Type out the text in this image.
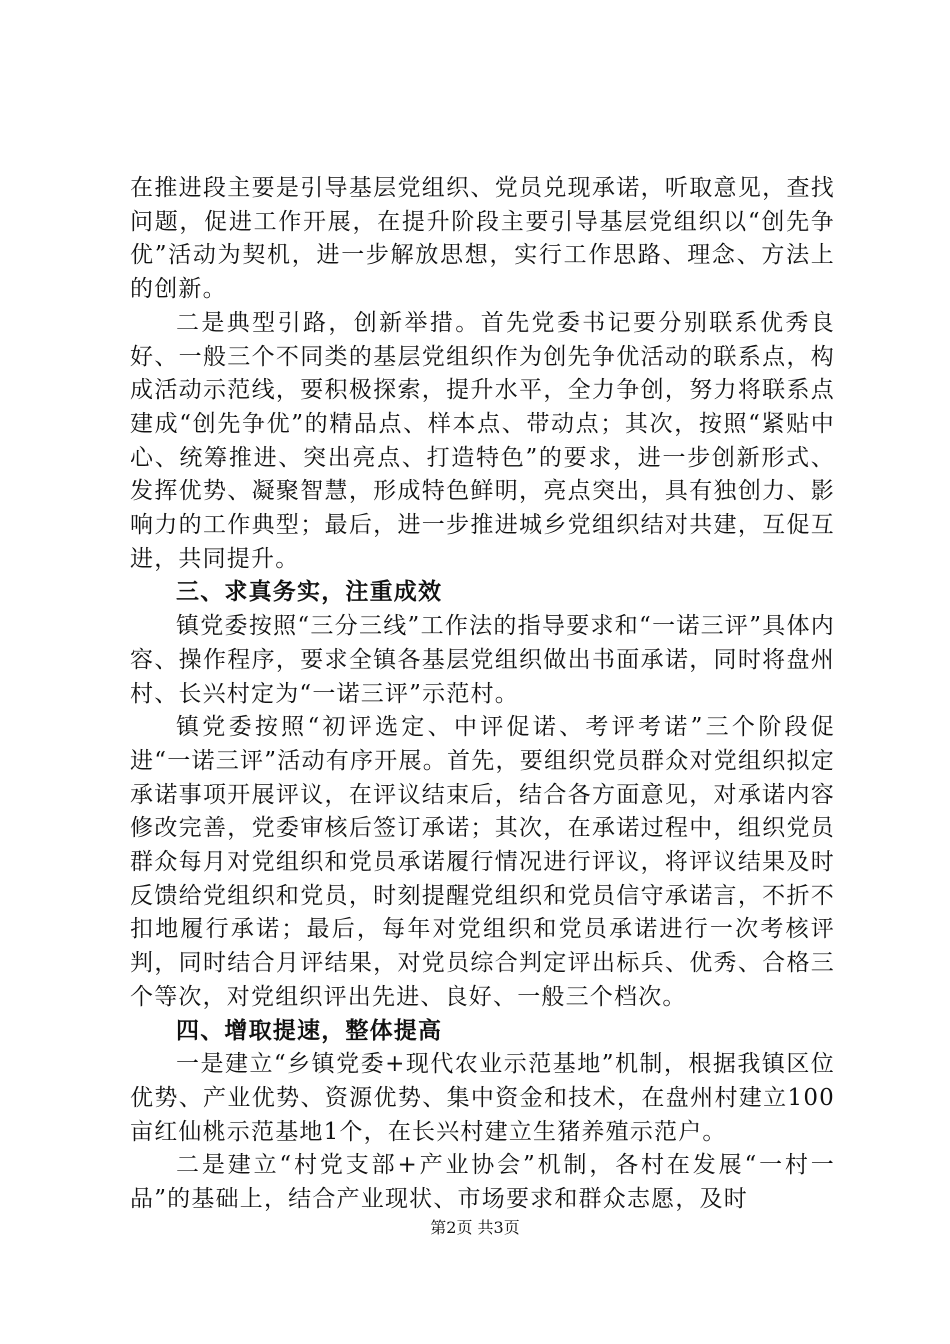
在推进段主要是引导基层党组织、党员兑现承诺，听取意见，查找问题，促进工作开展，在提升阶段主要引导基层党组织以“创先争优”活动为契机，进一步解放思想，实行工作思路、理念、方法上的创新。

二是典型引路，创新举措。首先党委书记要分别联系优秀良好、一般三个不同类的基层党组织作为创先争优活动的联系点，构成活动示范线，要积极探索，提升水平，全力争创，努力将联系点建成“创先争优”的精品点、样本点、带动点；其次，按照“紧贴中心、统筹推进、突出亮点、打造特色”的要求，进一步创新形式、发挥优势、凝聚智慧，形成特色鲜明，亮点突出，具有独创力、影响力的工作典型；最后，进一步推进城乡党组织结对共建，互促互进，共同提升。

三、求真务实，注重成效

镇党委按照“三分三线”工作法的指导要求和“一诺三评”具体内容、操作程序，要求全镇各基层党组织做出书面承诺，同时将盘州村、长兴村定为“一诺三评”示范村。

镇党委按照“初评选定、中评促诺、考评考诺”三个阶段促进“一诺三评”活动有序开展。首先，要组织党员群众对党组织拟定承诺事项开展评议，在评议结束后，结合各方面意见，对承诺内容修改完善，党委审核后签订承诺；其次，在承诺过程中，组织党员群众每月对党组织和党员承诺履行情况进行评议，将评议结果及时反馈给党组织和党员，时刻提醒党组织和党员信守承诺言，不折不扣地履行承诺；最后，每年对党组织和党员承诺进行一次考核评判，同时结合月评结果，对党员综合判定评出标兵、优秀、合格三个等次，对党组织评出先进、良好、一般三个档次。

四、增取提速，整体提高

一是建立“乡镇党委+现代农业示范基地”机制，根据我镇区位优势、产业优势、资源优势、集中资金和技术，在盘州村建立100亩红仙桃示范基地1个，在长兴村建立生猪养殖示范户。

二是建立“村党支部+产业协会”机制，各村在发展“一村一品”的基础上，结合产业现状、市场要求和群众志愿，及时

第2页 共3页
